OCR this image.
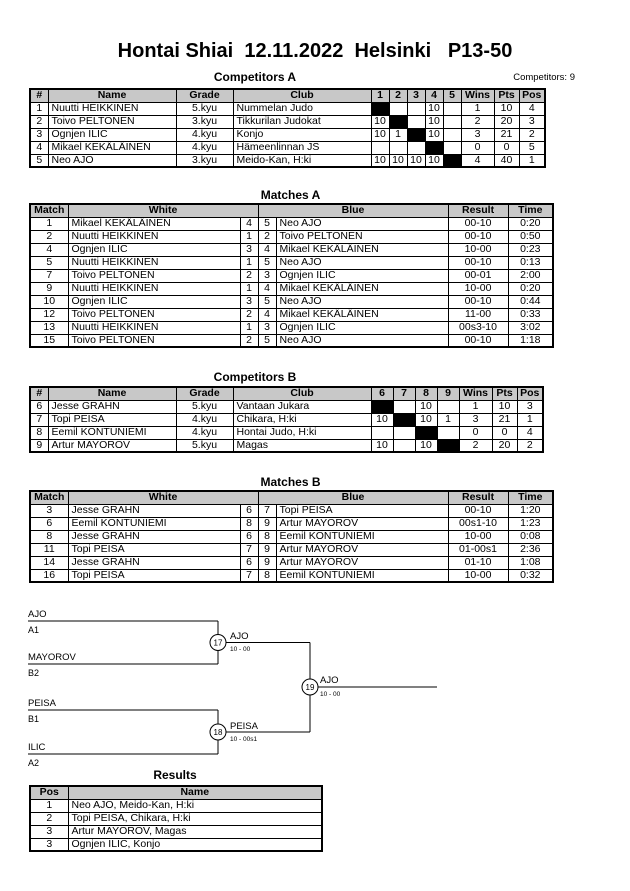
Hontai Shiai  12.11.2022  Helsinki   P13-50
Competitors A	Competitors: 9
#	Name	Grade	Club	1	2	3	4	5	Wins	Pts	Pos
1	Nuutti HEIKKINEN	5.kyu	Nummelan Judo				10		1	10	4
2	Toivo PELTONEN	3.kyu	Tikkurilan Judokat	10			10		2	20	3
3	Ognjen ILIC	4.kyu	Konjo	10	1		10		3	21	2
4	Mikael KEKÄLÄINEN	4.kyu	Hämeenlinnan JS						0	0	5
5	Neo AJO	3.kyu	Meido-Kan, H:ki	10	10	10	10		4	40	1
Matches A
Match	White		Blue		Result	Time
1	Mikael KEKÄLÄINEN	4	5	Neo AJO	00-10	0:20
2	Nuutti HEIKKINEN	1	2	Toivo PELTONEN	00-10	0:50
4	Ognjen ILIC	3	4	Mikael KEKÄLÄINEN	10-00	0:23
5	Nuutti HEIKKINEN	1	5	Neo AJO	00-10	0:13
7	Toivo PELTONEN	2	3	Ognjen ILIC	00-01	2:00
9	Nuutti HEIKKINEN	1	4	Mikael KEKÄLÄINEN	10-00	0:20
10	Ognjen ILIC	3	5	Neo AJO	00-10	0:44
12	Toivo PELTONEN	2	4	Mikael KEKÄLÄINEN	11-00	0:33
13	Nuutti HEIKKINEN	1	3	Ognjen ILIC	00s3-10	3:02
15	Toivo PELTONEN	2	5	Neo AJO	00-10	1:18
Competitors B
#	Name	Grade	Club	6	7	8	9	Wins	Pts	Pos
6	Jesse GRAHN	5.kyu	Vantaan Jukara			10		1	10	3
7	Topi PEISA	4.kyu	Chikara, H:ki	10		10	1	3	21	1
8	Eemil KONTUNIEMI	4.kyu	Hontai Judo, H:ki					0	0	4
9	Artur MAYOROV	5.kyu	Magas	10		10		2	20	2
Matches B
Match	White		Blue		Result	Time
3	Jesse GRAHN	6	7	Topi PEISA	00-10	1:20
6	Eemil KONTUNIEMI	8	9	Artur MAYOROV	00s1-10	1:23
8	Jesse GRAHN	6	8	Eemil KONTUNIEMI	10-00	0:08
11	Topi PEISA	7	9	Artur MAYOROV	01-00s1	2:36
14	Jesse GRAHN	6	9	Artur MAYOROV	01-10	1:08
16	Topi PEISA	7	8	Eemil KONTUNIEMI	10-00	0:32
AJO
A1
MAYOROV
B2
PEISA
B1
ILIC
A2
AJO
10 - 00
PEISA
10 - 00s1
AJO
10 - 00
17
18
19
Results
Pos	Name
1	Neo AJO, Meido-Kan, H:ki
2	Topi PEISA, Chikara, H:ki
3	Artur MAYOROV, Magas
3	Ognjen ILIC, Konjo
